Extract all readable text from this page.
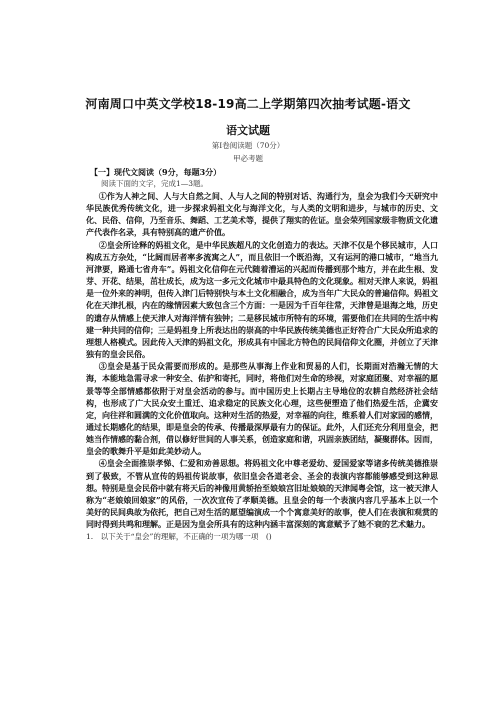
河南周口中英文学校18-19高二上学期第四次抽考试题-语文
语文试题
第Ⅰ卷阅读题（70分）
甲必考题
【一】现代文阅读（9分，每题3分）
阅读下面的文字，完成1—3题。

①作为人神之间、人与大自然之间、人与人之间的特别对话、沟通行为，皇会为我们今天研究中华民族优秀传统文化，进一步探求妈祖文化与海洋文化，与人类的文明和进步，与城市的历史、文化、民俗、信仰，乃至音乐、舞蹈、工艺美术等，提供了翔实的佐证。皇会荣列国家级非物质文化遗产代表作名录，具有特别高的遗产价值。

②皇会所诠释的妈祖文化，是中华民族超凡的文化创造力的表达。天津不仅是个移民城市，人口构成五方杂处，“比阔而居者率多流寓之人”，而且依旧一个既沿海，又有运河的港口城市，“地当九河津要，路通七省舟车”。妈祖文化信仰在元代随着漕运的兴起而传播到那个地方，并在此生根、发芽、开花、结果，茁壮成长，成为这一多元文化城市中最具特色的文化现象。相对天津人来说，妈祖是一位外来的神明，但传入津门后特别快与本土文化相融合，成为当年广大民众的普遍信仰。妈祖文化在天津扎根，内在的缘情因素大致包含三个方面：一是因为千百年往常，天津曾是退海之地，历史的遗存从情感上使天津人对海洋情有独钟；二是移民城市所特有的环境，需要他们在共同的生活中构建一种共同的信仰；三是妈祖身上所表达出的崇高的中华民族传统美德也正好符合广大民众所追求的理想人格模式。因此传入天津的妈祖文化，形成具有中国北方特色的民间信仰文化圈，并创立了天津独有的皇会民俗。

③皇会是基于民众需要而形成的。是那些从事海上作业和贸易的人们，长期面对浩瀚无情的大海，本能地急需寻求一种安全、佑护和寄托，同时，将他们对生命的珍视，对家庭团聚、对幸福的愿景等等全部情感都依附于对皇会活动的参与。而中国历史上长期占主导地位的农耕自然经济社会结构，也形成了广大民众安土重迁、追求稳定的民族文化心理，这些便塑造了他们热爱生活，企冀安定，向往祥和圆满的文化价值取向。这种对生活的热爱，对幸福的向往，维系着人们对家园的感情，通过长期感化的结果，即是皇会的传承、传播最深厚最有力的保证。此外，人们还充分利用皇会，把她当作情感的黏合剂，借以修好世间的人事关系，创造家庭和谐，巩固亲族团结，凝聚群体。因而，皇会的歌舞升平是如此美妙动人。

④皇会全面推崇孝悌、仁爱和劝善思想。将妈祖文化中尊老爱幼、爱国爱家等诸多传统美德推崇到了极致，不管从宣传的妈祖传说故事，依旧皇会各道老会、圣会的表演内容都能够感受到这种思想。特别是皇会民俗中就有将天后的神像用黄轿抬至娘娘宫旧址娘娘的天津闻粤会馆，这一被天津人称为“老娘娘回娘家”的风俗，一次次宣传了孝顺美德。且皇会的每一个表演内容几乎基本上以一个美好的民间典故为依托，把自己对生活的愿望编演成一个个寓意美好的故事，使人们在表演和观赏的同时得到共鸣和理解。正是因为皇会所具有的这种内涵丰富深刻的寓意赋予了她不衰的艺术魅力。

1.　以下关于“皇会”的理解，不正确的一项为哪一项　()
